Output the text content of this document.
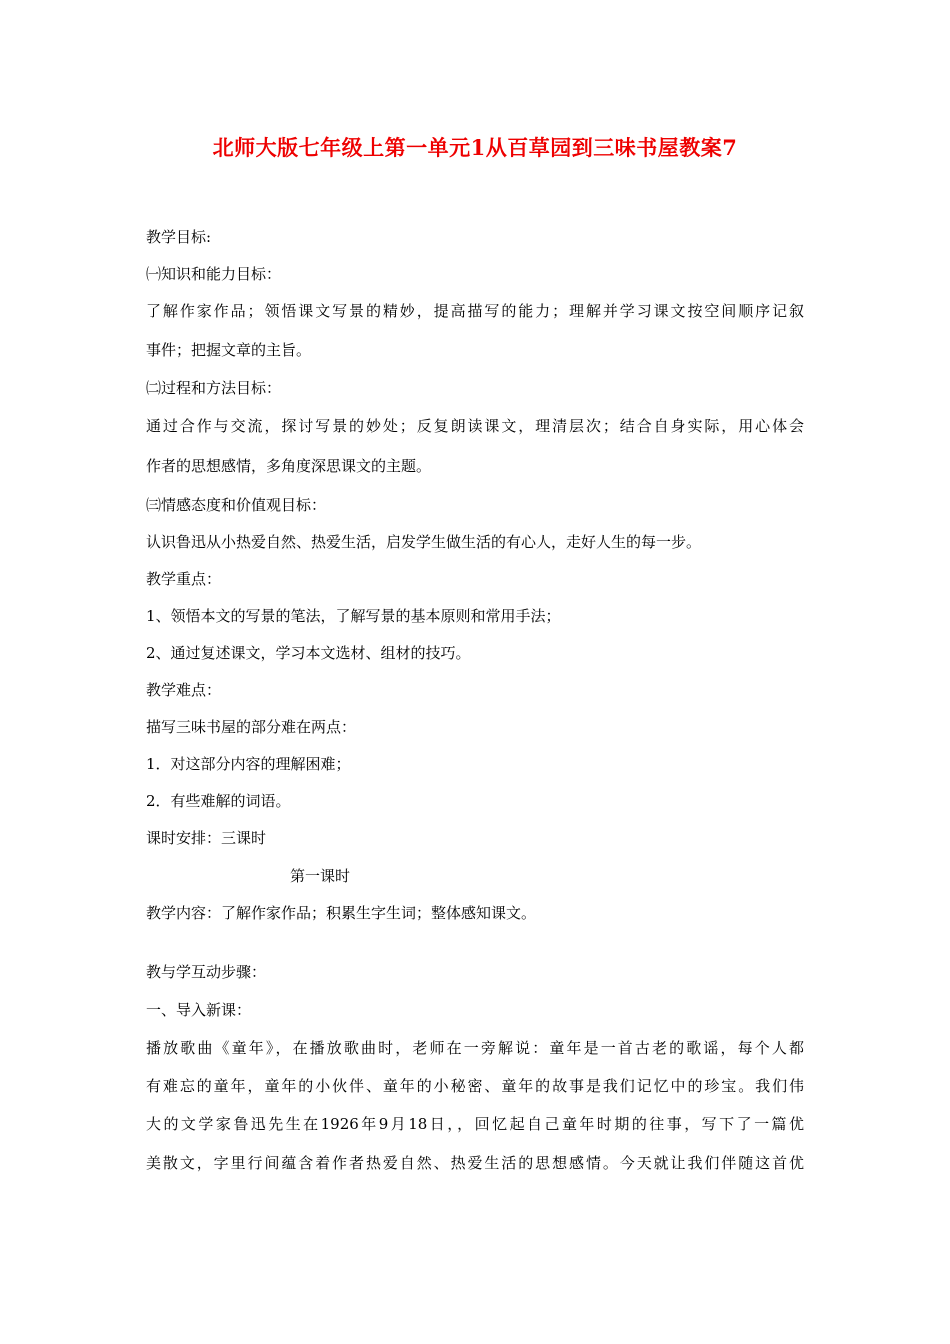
北师大版七年级上第一单元1从百草园到三味书屋教案7
教学目标:
㈠知识和能力目标：
了解作家作品；领悟课文写景的精妙，提高描写的能力；理解并学习课文按空间顺序记叙
事件；把握文章的主旨。
㈡过程和方法目标：
通过合作与交流，探讨写景的妙处；反复朗读课文，理清层次；结合自身实际，用心体会
作者的思想感情，多角度深思课文的主题。
㈢情感态度和价值观目标：
认识鲁迅从小热爱自然、热爱生活，启发学生做生活的有心人，走好人生的每一步。
教学重点：
1、领悟本文的写景的笔法，了解写景的基本原则和常用手法；
2、通过复述课文，学习本文选材、组材的技巧。
教学难点：
描写三味书屋的部分难在两点：
1．对这部分内容的理解困难；
2．有些难解的词语。
课时安排：三课时
第一课时
教学内容：了解作家作品；积累生字生词；整体感知课文。
教与学互动步骤：
一、导入新课：
播放歌曲《童年》，在播放歌曲时，老师在一旁解说：童年是一首古老的歌谣，每个人都
有难忘的童年，童年的小伙伴、童年的小秘密、童年的故事是我们记忆中的珍宝。我们伟
大的文学家鲁迅先生在1926年9月18日，，回忆起自己童年时期的往事，写下了一篇优
美散文，字里行间蕴含着作者热爱自然、热爱生活的思想感情。今天就让我们伴随这首优
